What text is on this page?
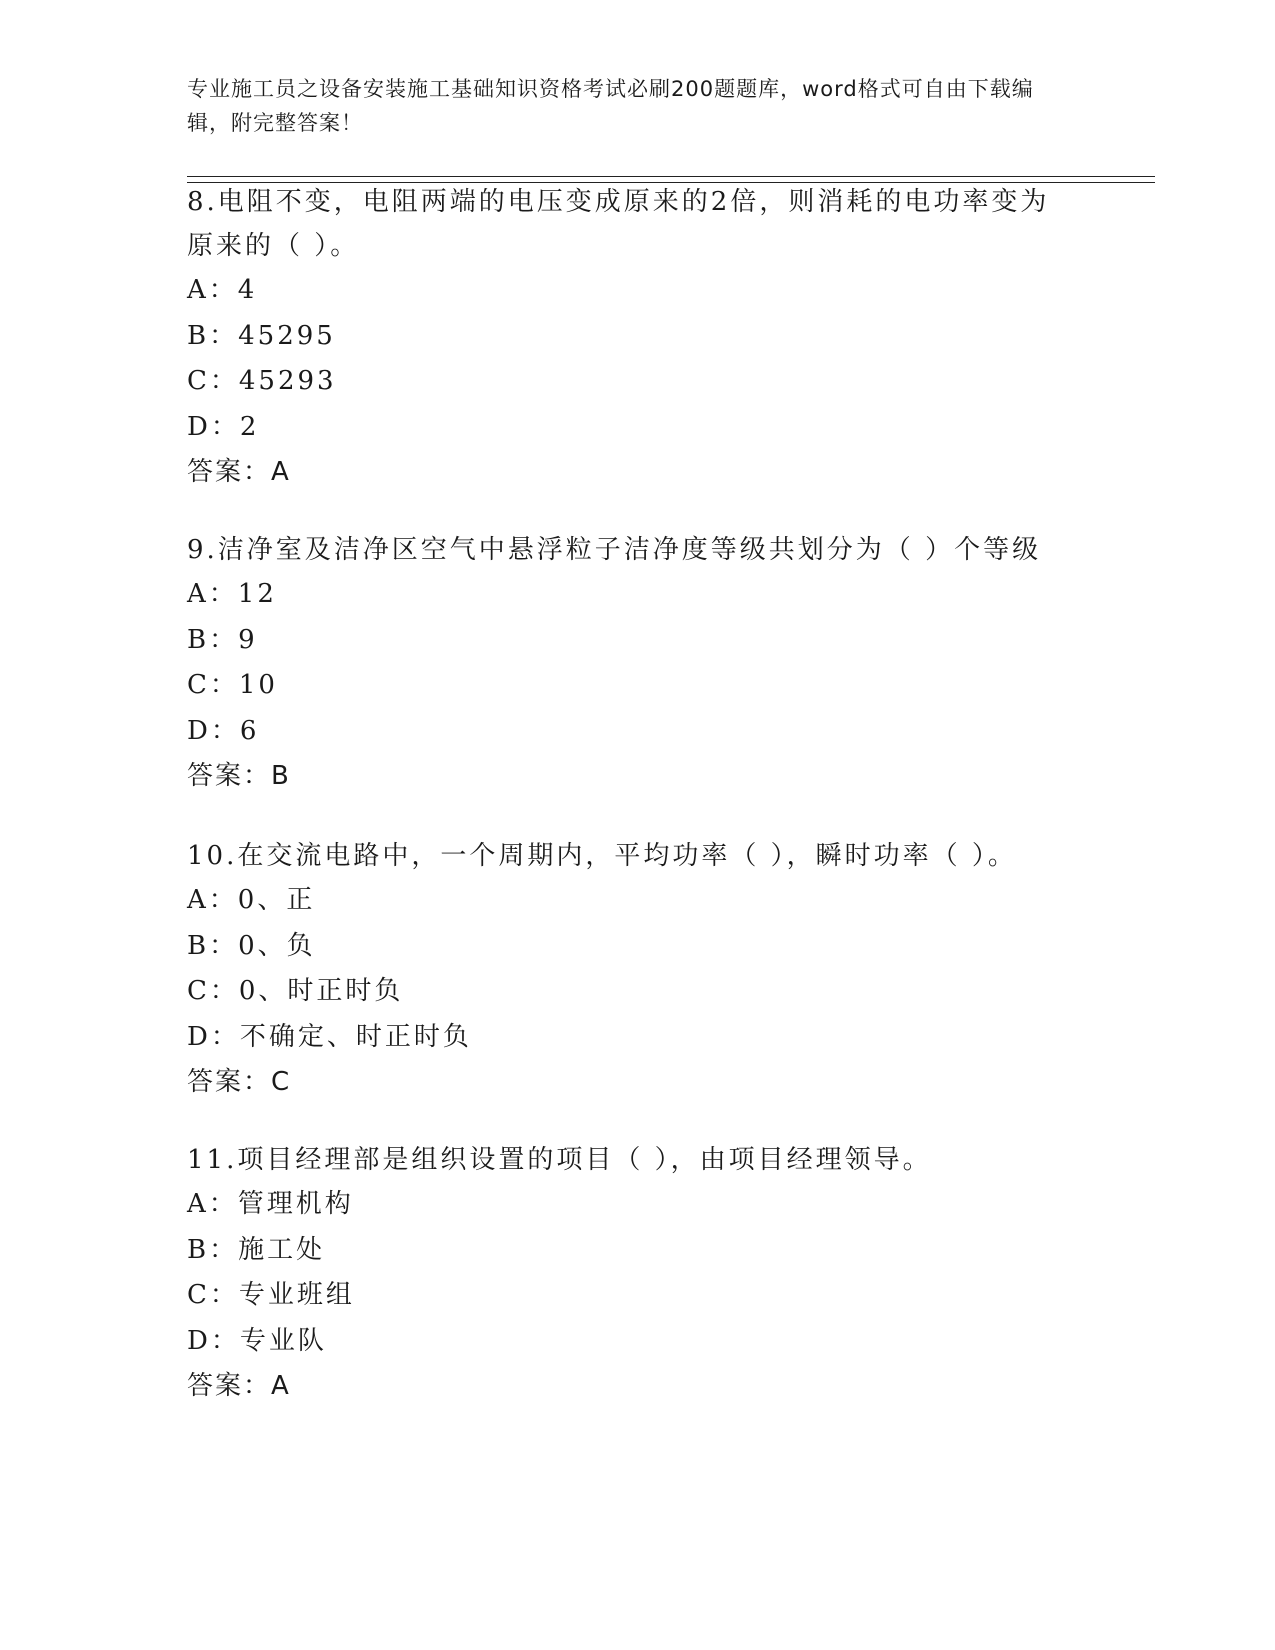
专业施工员之设备安装施工基础知识资格考试必刷200题题库，word格式可自由下载编辑，附完整答案！
8.电阻不变，电阻两端的电压变成原来的2倍，则消耗的电功率变为原来的（ ）。
A：4
B：45295
C：45293
D：2
答案：A
9.洁净室及洁净区空气中悬浮粒子洁净度等级共划分为（ ）个等级
A：12
B：9
C：10
D：6
答案：B
10.在交流电路中，一个周期内，平均功率（ ），瞬时功率（ ）。
A：0、正
B：0、负
C：0、时正时负
D：不确定、时正时负
答案：C
11.项目经理部是组织设置的项目（ ），由项目经理领导。
A：管理机构
B：施工处
C：专业班组
D：专业队
答案：A
